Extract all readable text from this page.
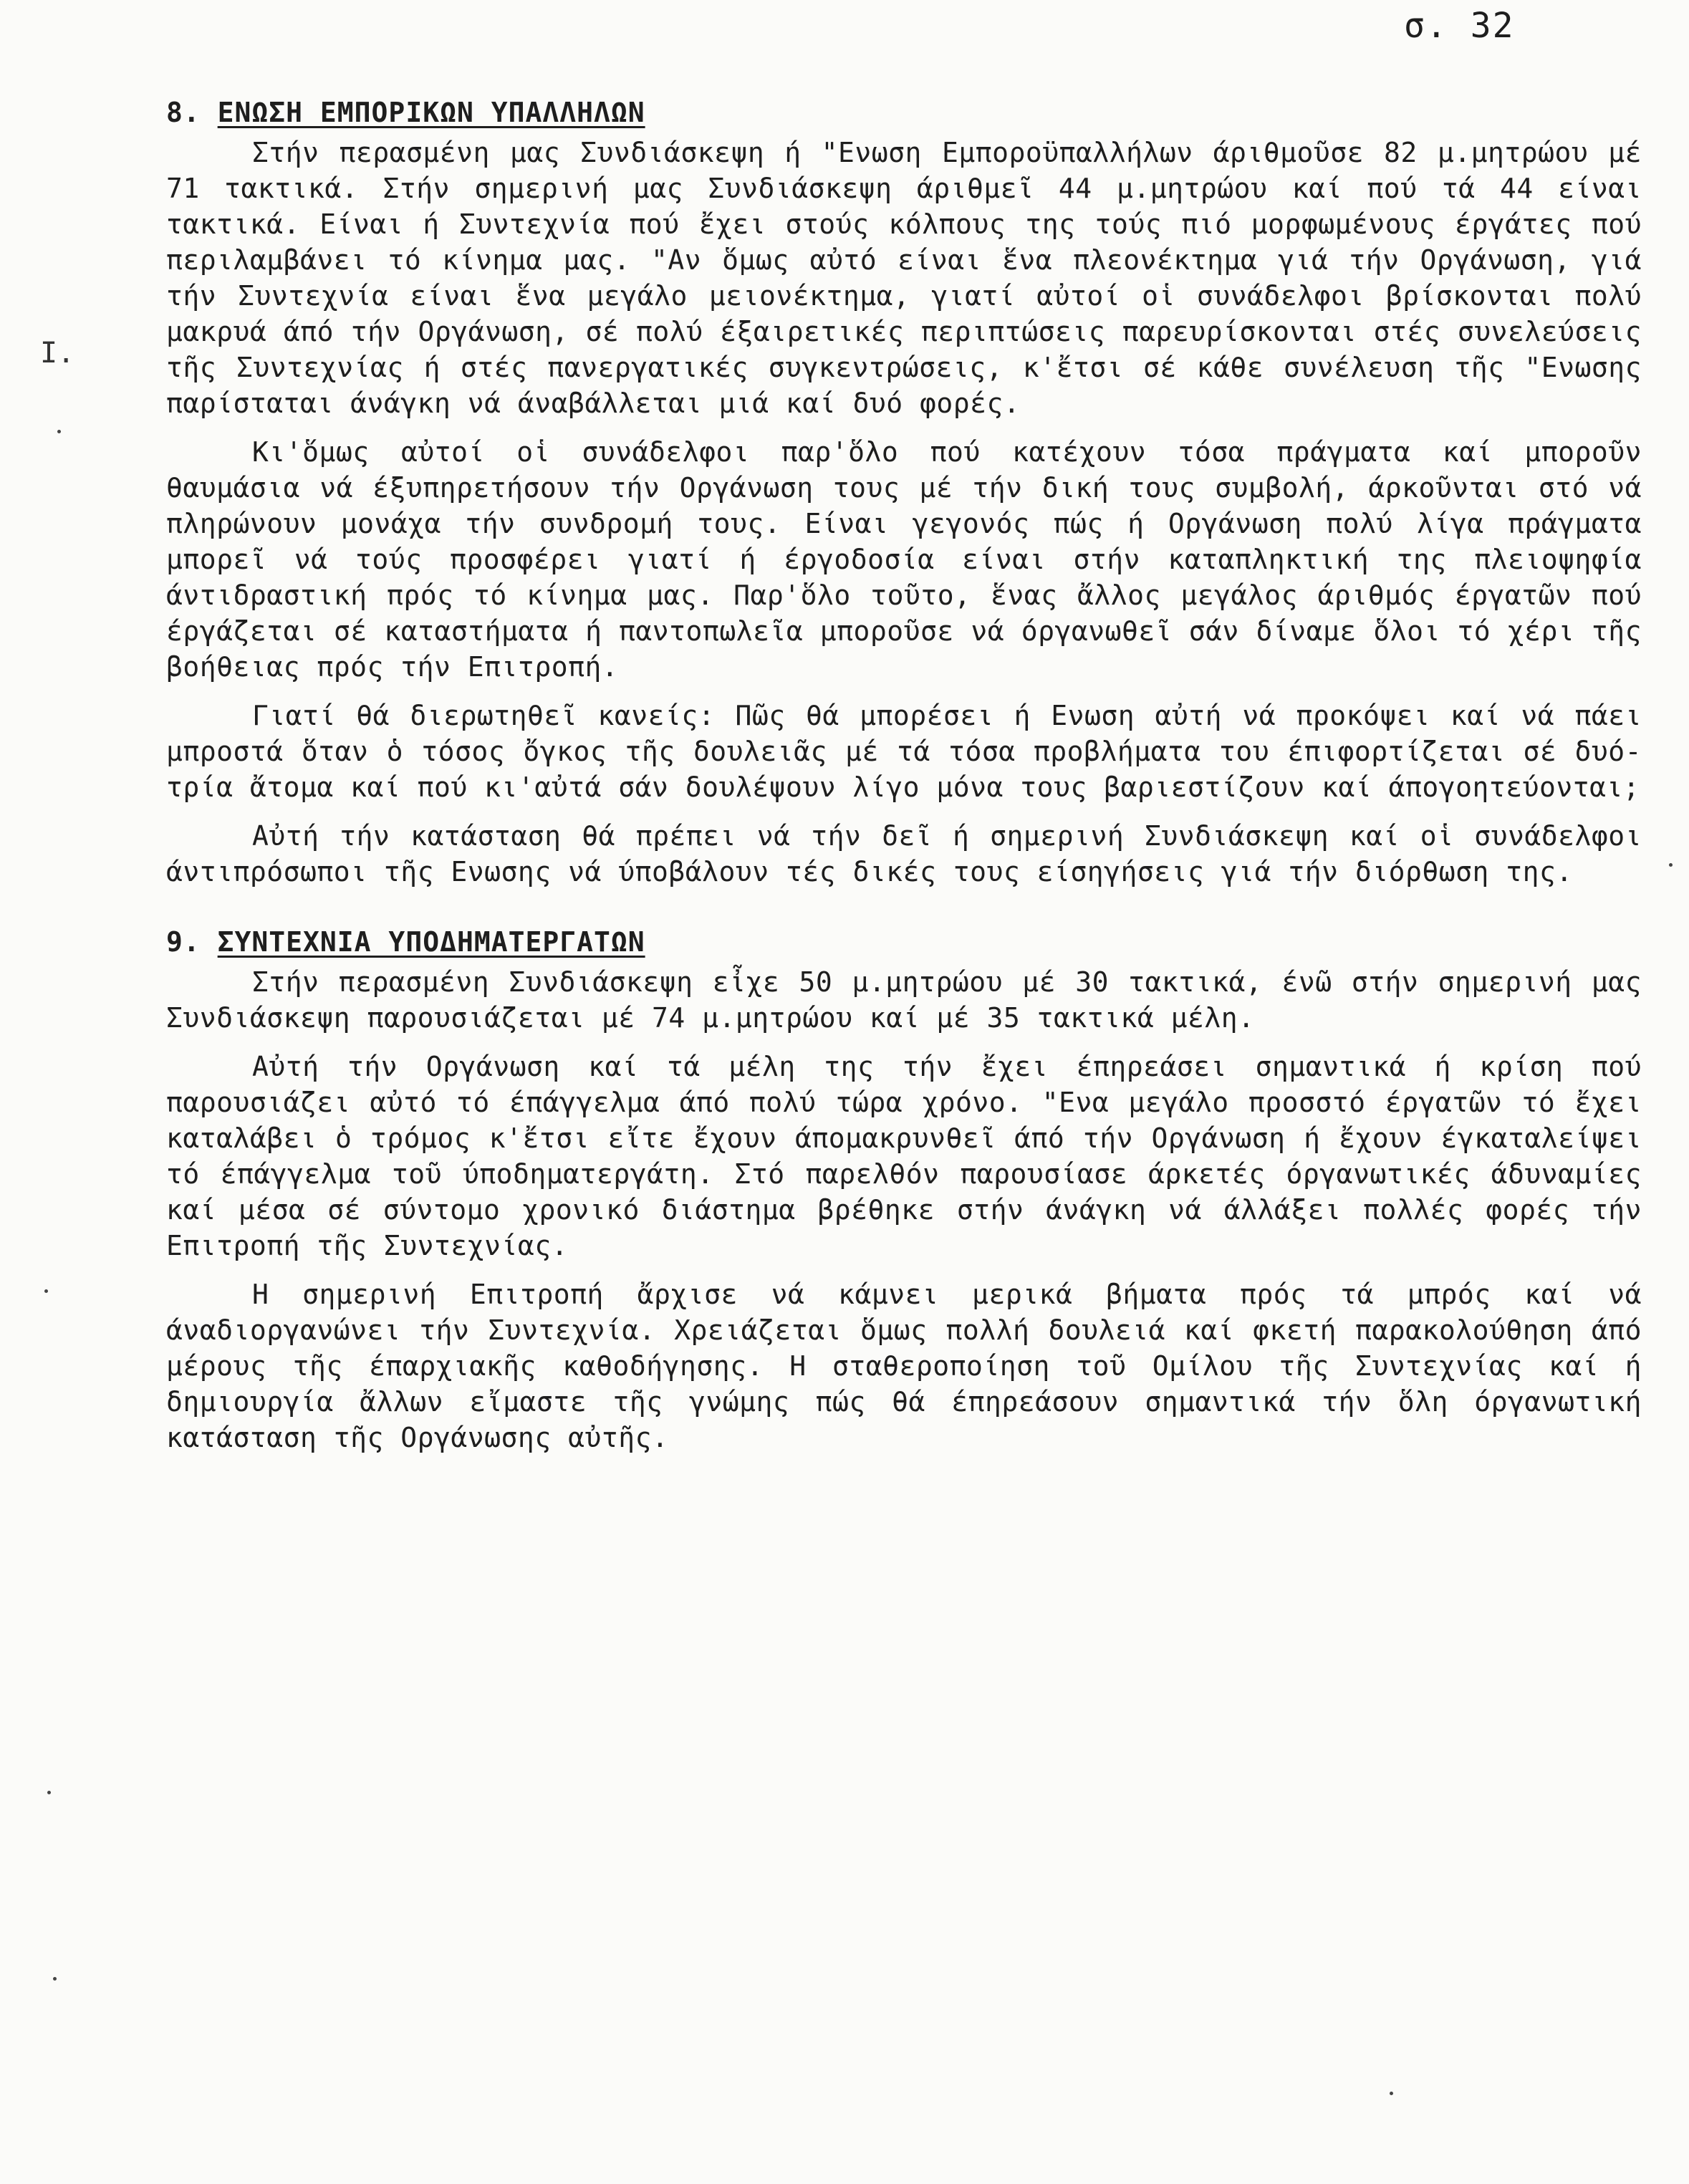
σ. 32
Ι.
8. ΕΝΩΣΗ ΕΜΠΟΡΙΚΩΝ ΥΠΑΛΛΗΛΩΝ

Στήν περασμένη μας Συνδιάσκεψη ή "Ενωση Εμποροϋπαλλήλων άριθμοῦσε 82 μ.μητρώου μέ 71 τακτικά. Στήν σημερινή μας Συνδιάσκεψη άριθμεῖ 44 μ.μητρώου καί πού τά 44 είναι τακτικά. Είναι ή Συντεχνία πού ἔχει στούς κόλπους της τούς πιό μορφωμένους έργάτες πού περιλαμβάνει τό κίνημα μας. "Αν ὅμως αὐτό είναι ἕνα πλεονέκτημα γιά τήν Οργάνωση, γιά τήν Συντεχνία είναι ἕνα μεγάλο μειονέκτημα, γιατί αὐτοί οἱ συνάδελφοι βρίσκονται πολύ μακρυά άπό τήν Οργάνωση, σέ πολύ έξαιρετικές περιπτώσεις παρευρίσκονται στές συνελεύσεις τῆς Συντεχνίας ή στές πανεργατικές συγκεντρώσεις, κ'ἔτσι σέ κάθε συνέλευση τῆς "Ενωσης παρίσταται άνάγκη νά άναβάλλεται μιά καί δυό φορές.

Κι'ὅμως αὐτοί οἱ συνάδελφοι παρ'ὅλο πού κατέχουν τόσα πράγματα καί μποροῦν θαυμάσια νά έξυπηρετήσουν τήν Οργάνωση τους μέ τήν δική τους συμβολή, άρκοῦνται στό νά πληρώνουν μονάχα τήν συνδρομή τους. Είναι γεγονός πώς ή Οργάνωση πολύ λίγα πράγματα μπορεῖ νά τούς προσφέρει γιατί ή έργοδοσία είναι στήν καταπληκτική της πλειοψηφία άντιδραστική πρός τό κίνημα μας. Παρ'ὅλο τοῦτο, ἕνας ἄλλος μεγάλος άριθμός έργατῶν πού έργάζεται σέ καταστήματα ή παντοπωλεῖα μποροῦσε νά όργανωθεῖ σάν δίναμε ὅλοι τό χέρι τῆς βοήθειας πρός τήν Επιτροπή.

Γιατί θά διερωτηθεῖ κανείς: Πῶς θά μπορέσει ή Ενωση αὐτή νά προκόψει καί νά πάει μπροστά ὅταν ὁ τόσος ὄγκος τῆς δουλειᾶς μέ τά τόσα προβλήματα του έπιφορτίζεται σέ δυό-τρία ἄτομα καί πού κι'αὐτά σάν δουλέψουν λίγο μόνα τους βαριεστίζουν καί άπογοητεύονται;

Αὐτή τήν κατάσταση θά πρέπει νά τήν δεῖ ή σημερινή Συνδιάσκεψη καί οἱ συνάδελφοι άντιπρόσωποι τῆς Ενωσης νά ύποβάλουν τές δικές τους είσηγήσεις γιά τήν διόρθωση της.

9. ΣΥΝΤΕΧΝΙΑ ΥΠΟΔΗΜΑΤΕΡΓΑΤΩΝ

Στήν περασμένη Συνδιάσκεψη εἶχε 50 μ.μητρώου μέ 30 τακτικά, ένῶ στήν σημερινή μας Συνδιάσκεψη παρουσιάζεται μέ 74 μ.μητρώου καί μέ 35 τακτικά μέλη.

Αὐτή τήν Οργάνωση καί τά μέλη της τήν ἔχει έπηρεάσει σημαντικά ή κρίση πού παρουσιάζει αὐτό τό έπάγγελμα άπό πολύ τώρα χρόνο. "Ενα μεγάλο προσστό έργατῶν τό ἔχει καταλάβει ὁ τρόμος κ'ἔτσι εἴτε ἔχουν άπομακρυνθεῖ άπό τήν Οργάνωση ή ἔχουν έγκαταλείψει τό έπάγγελμα τοῦ ύποδηματεργάτη. Στό παρελθόν παρουσίασε άρκετές όργανωτικές άδυναμίες καί μέσα σέ σύντομο χρονικό διάστημα βρέθηκε στήν άνάγκη νά άλλάξει πολλές φορές τήν Επιτροπή τῆς Συντεχνίας.

Η σημερινή Επιτροπή ἄρχισε νά κάμνει μερικά βήματα πρός τά μπρός καί νά άναδιοργανώνει τήν Συντεχνία. Χρειάζεται ὅμως πολλή δουλειά καί φκετή παρακολούθηση άπό μέρους τῆς έπαρχιακῆς καθοδήγησης. Η σταθεροποίηση τοῦ Ομίλου τῆς Συντεχνίας καί ή δημιουργία ἄλλων εἴμαστε τῆς γνώμης πώς θά έπηρεάσουν σημαντικά τήν ὅλη όργανωτική κατάσταση τῆς Οργάνωσης αὐτῆς.
